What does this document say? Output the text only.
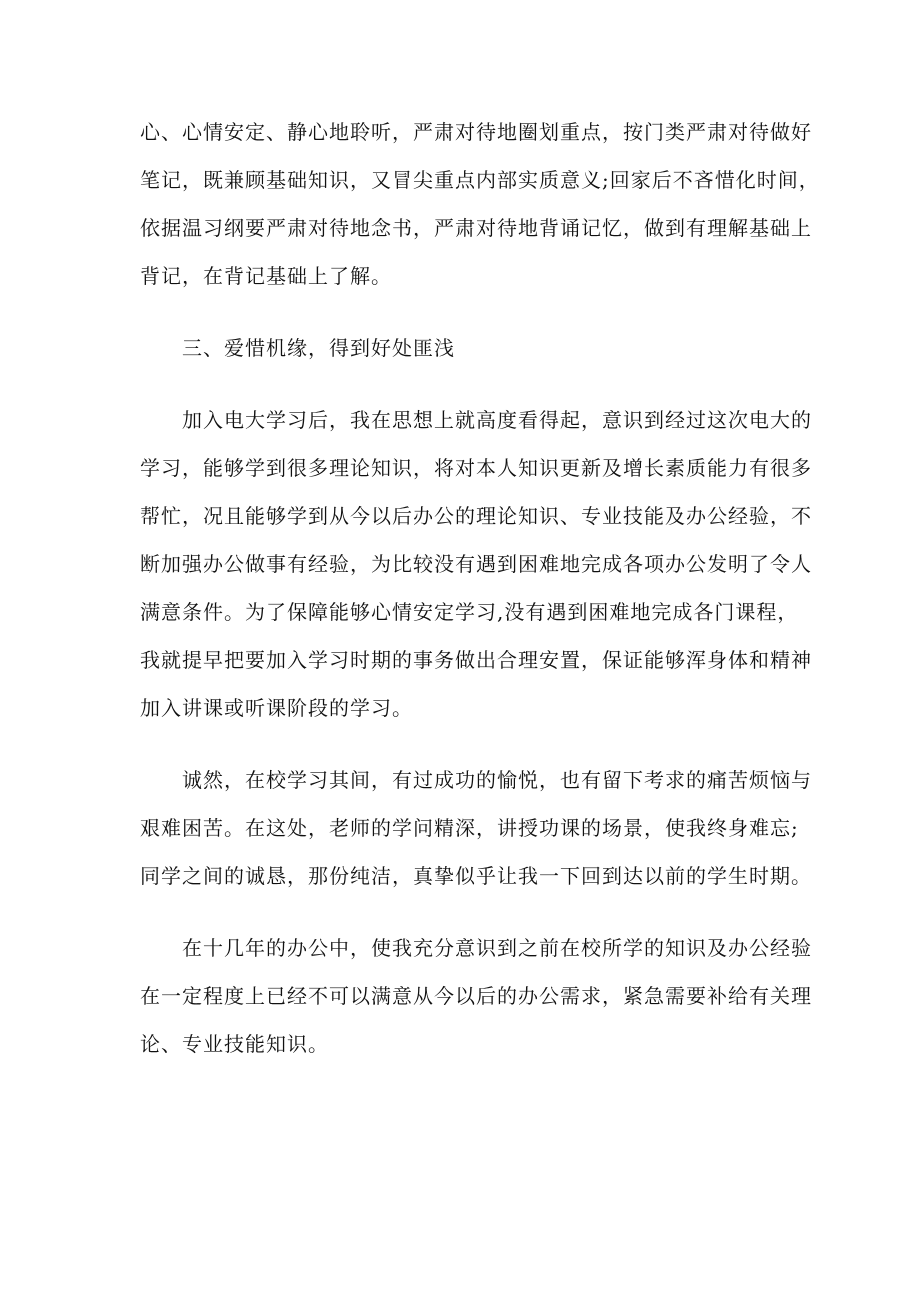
心、心情安定、静心地聆听，严肃对待地圈划重点，按门类严肃对待做好
笔记，既兼顾基础知识，又冒尖重点内部实质意义;回家后不吝惜化时间，
依据温习纲要严肃对待地念书，严肃对待地背诵记忆，做到有理解基础上
背记，在背记基础上了解。
三、爱惜机缘，得到好处匪浅
加入电大学习后，我在思想上就高度看得起，意识到经过这次电大的
学习，能够学到很多理论知识，将对本人知识更新及增长素质能力有很多
帮忙，况且能够学到从今以后办公的理论知识、专业技能及办公经验，不
断加强办公做事有经验，为比较没有遇到困难地完成各项办公发明了令人
满意条件。为了保障能够心情安定学习,没有遇到困难地完成各门课程，
我就提早把要加入学习时期的事务做出合理安置，保证能够浑身体和精神
加入讲课或听课阶段的学习。
诚然，在校学习其间，有过成功的愉悦，也有留下考求的痛苦烦恼与
艰难困苦。在这处，老师的学问精深，讲授功课的场景，使我终身难忘;
同学之间的诚恳，那份纯洁，真挚似乎让我一下回到达以前的学生时期。
在十几年的办公中，使我充分意识到之前在校所学的知识及办公经验
在一定程度上已经不可以满意从今以后的办公需求，紧急需要补给有关理
论、专业技能知识。
